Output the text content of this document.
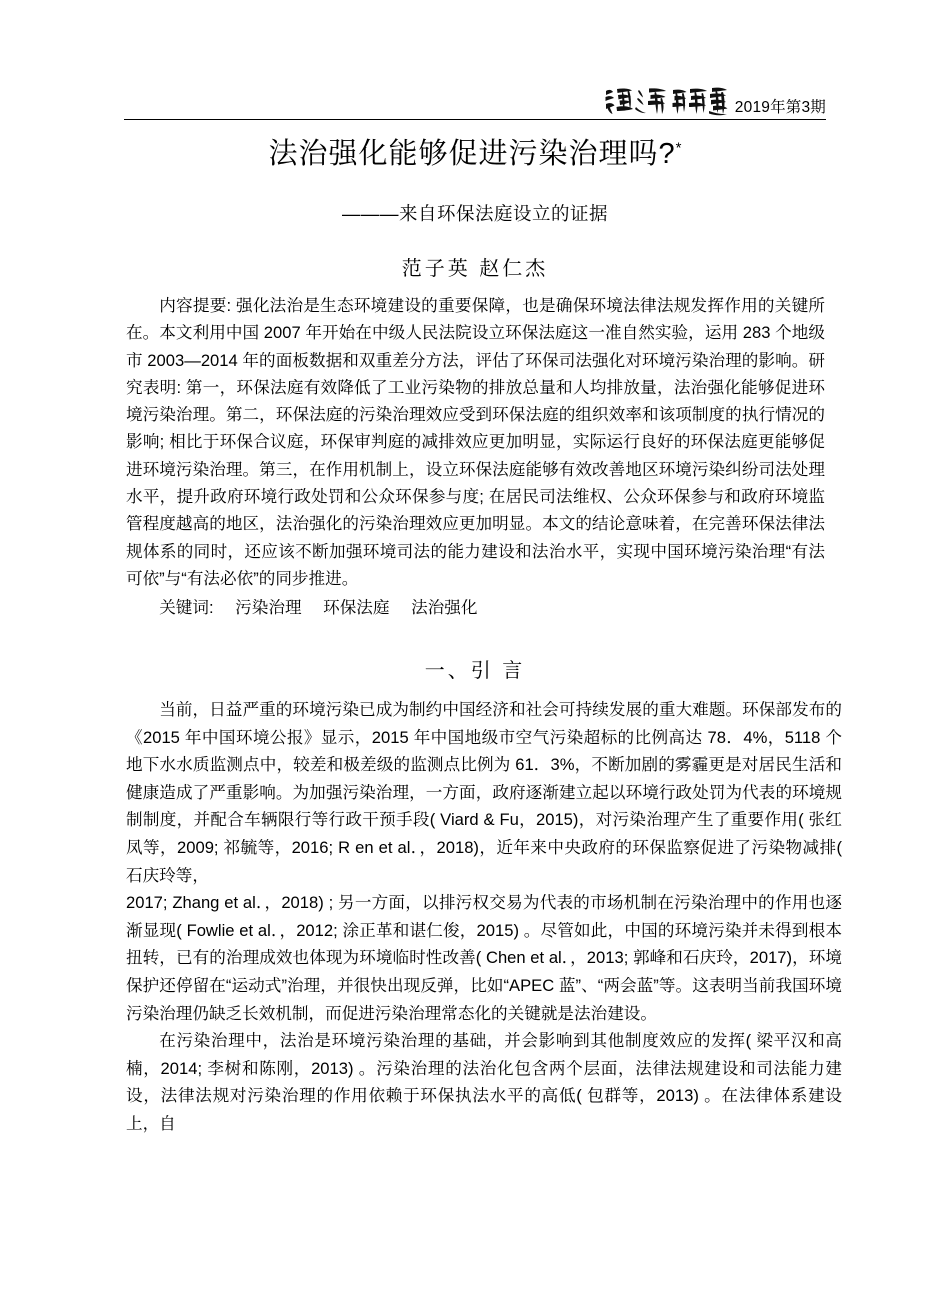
2019年第3期
法治强化能够促进污染治理吗?*
———来自环保法庭设立的证据
范子英 赵仁杰

内容提要: 强化法治是生态环境建设的重要保障，也是确保环境法律法规发挥作用的关键所在。本文利用中国 2007 年开始在中级人民法院设立环保法庭这一准自然实验，运用 283 个地级市 2003—2014 年的面板数据和双重差分方法，评估了环保司法强化对环境污染治理的影响。研究表明: 第一，环保法庭有效降低了工业污染物的排放总量和人均排放量，法治强化能够促进环境污染治理。第二，环保法庭的污染治理效应受到环保法庭的组织效率和该项制度的执行情况的影响; 相比于环保合议庭，环保审判庭的减排效应更加明显，实际运行良好的环保法庭更能够促进环境污染治理。第三，在作用机制上，设立环保法庭能够有效改善地区环境污染纠纷司法处理水平，提升政府环境行政处罚和公众环保参与度; 在居民司法维权、公众环保参与和政府环境监管程度越高的地区，法治强化的污染治理效应更加明显。本文的结论意味着，在完善环保法律法规体系的同时，还应该不断加强环境司法的能力建设和法治水平，实现中国环境污染治理“有法可依”与“有法必依”的同步推进。

关键词: 污染治理 环保法庭 法治强化

一、引 言

当前，日益严重的环境污染已成为制约中国经济和社会可持续发展的重大难题。环保部发布的《2015 年中国环境公报》显示，2015 年中国地级市空气污染超标的比例高达 78．4%，5118 个地下水水质监测点中，较差和极差级的监测点比例为 61．3%，不断加剧的雾霾更是对居民生活和健康造成了严重影响。为加强污染治理，一方面，政府逐渐建立起以环境行政处罚为代表的环境规制制度，并配合车辆限行等行政干预手段( Viard & Fu，2015)，对污染治理产生了重要作用( 张红凤等，2009; 祁毓等，2016; R en et al．，2018)，近年来中央政府的环保监察促进了污染物减排( 石庆玲等，

2017; Zhang et al．，2018) ; 另一方面，以排污权交易为代表的市场机制在污染治理中的作用也逐渐显现( Fowlie et al．，2012; 涂正革和谌仁俊，2015) 。尽管如此，中国的环境污染并未得到根本扭转，已有的治理成效也体现为环境临时性改善( Chen et al．，2013; 郭峰和石庆玲，2017)，环境保护还停留在“运动式”治理，并很快出现反弹，比如“APEC 蓝”、“两会蓝”等。这表明当前我国环境污染治理仍缺乏长效机制，而促进污染治理常态化的关键就是法治建设。

在污染治理中，法治是环境污染治理的基础，并会影响到其他制度效应的发挥( 梁平汉和高楠，2014; 李树和陈刚，2013) 。污染治理的法治化包含两个层面，法律法规建设和司法能力建设，法律法规对污染治理的作用依赖于环保执法水平的高低( 包群等，2013) 。在法律体系建设上，自
